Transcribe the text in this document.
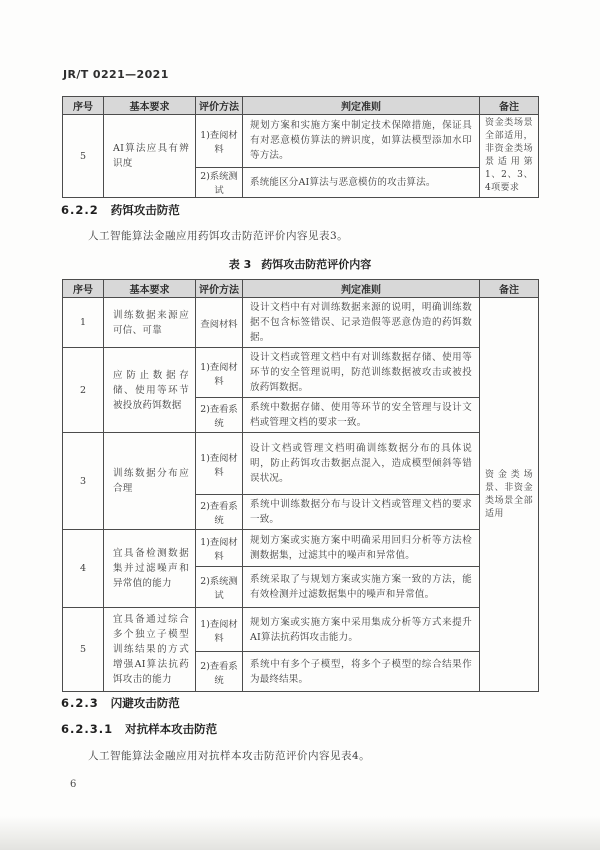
JR/T 0221—2021
序号	基本要求	评价方法	判定准则	备注
5	AI算法应具有辨识度	1)查阅材料	规划方案和实施方案中制定技术保障措施，保证具有对恶意模仿算法的辨识度，如算法模型添加水印等方法。	资金类场景全部适用，非资金类场景适用第1、2、3、4项要求
		2)系统测试	系统能区分AI算法与恶意模仿的攻击算法。	
6.2.2 药饵攻击防范

人工智能算法金融应用药饵攻击防范评价内容见表3。

表 3 药饵攻击防范评价内容
序号	基本要求	评价方法	判定准则	备注
1	训练数据来源应可信、可靠	查阅材料	设计文档中有对训练数据来源的说明，明确训练数据不包含标签错误、记录造假等恶意伪造的药饵数据。	资金类场景、非资金类场景全部适用
2	应防止数据存储、使用等环节被投放药饵数据	1)查阅材料	设计文档或管理文档中有对训练数据存储、使用等环节的安全管理说明，防范训练数据被攻击或被投放药饵数据。	
		2)查看系统	系统中数据存储、使用等环节的安全管理与设计文档或管理文档的要求一致。	
3	训练数据分布应合理	1)查阅材料	设计文档或管理文档明确训练数据分布的具体说明，防止药饵攻击数据点混入，造成模型倾斜等错误状况。	
		2)查看系统	系统中训练数据分布与设计文档或管理文档的要求一致。	
4	宜具备检测数据集并过滤噪声和异常值的能力	1)查阅材料	规划方案或实施方案中明确采用回归分析等方法检测数据集，过滤其中的噪声和异常值。	
		2)系统测试	系统采取了与规划方案或实施方案一致的方法，能有效检测并过滤数据集中的噪声和异常值。	
5	宜具备通过综合多个独立子模型训练结果的方式增强AI算法抗药饵攻击的能力	1)查阅材料	规划方案或实施方案中采用集成分析等方式来提升AI算法抗药饵攻击能力。	
		2)查看系统	系统中有多个子模型，将多个子模型的综合结果作为最终结果。	
6.2.3 闪避攻击防范
6.2.3.1 对抗样本攻击防范

人工智能算法金融应用对抗样本攻击防范评价内容见表4。

6
